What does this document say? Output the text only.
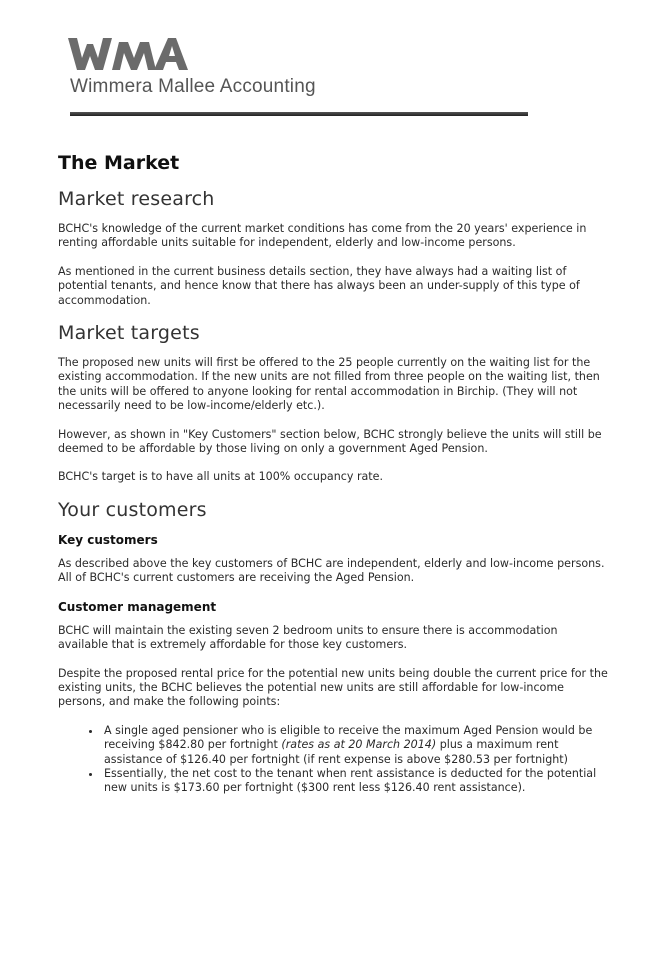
Wimmera Mallee Accounting
The Market
Market research

BCHC's knowledge of the current market conditions has come from the 20 years' experience in renting affordable units suitable for independent, elderly and low-income persons.

As mentioned in the current business details section, they have always had a waiting list of potential tenants, and hence know that there has always been an under-supply of this type of accommodation.

Market targets

The proposed new units will first be offered to the 25 people currently on the waiting list for the existing accommodation. If the new units are not filled from three people on the waiting list, then the units will be offered to anyone looking for rental accommodation in Birchip. (They will not necessarily need to be low-income/elderly etc.).

However, as shown in "Key Customers" section below, BCHC strongly believe the units will still be deemed to be affordable by those living on only a government Aged Pension.

BCHC's target is to have all units at 100% occupancy rate.

Your customers
Key customers

As described above the key customers of BCHC are independent, elderly and low-income persons. All of BCHC's current customers are receiving the Aged Pension.

Customer management

BCHC will maintain the existing seven 2 bedroom units to ensure there is accommodation available that is extremely affordable for those key customers.

Despite the proposed rental price for the potential new units being double the current price for the existing units, the BCHC believes the potential new units are still affordable for low-income persons, and make the following points:

• A single aged pensioner who is eligible to receive the maximum Aged Pension would be receiving $842.80 per fortnight (rates as at 20 March 2014) plus a maximum rent assistance of $126.40 per fortnight (if rent expense is above $280.53 per fortnight)
• Essentially, the net cost to the tenant when rent assistance is deducted for the potential new units is $173.60 per fortnight ($300 rent less $126.40 rent assistance).
